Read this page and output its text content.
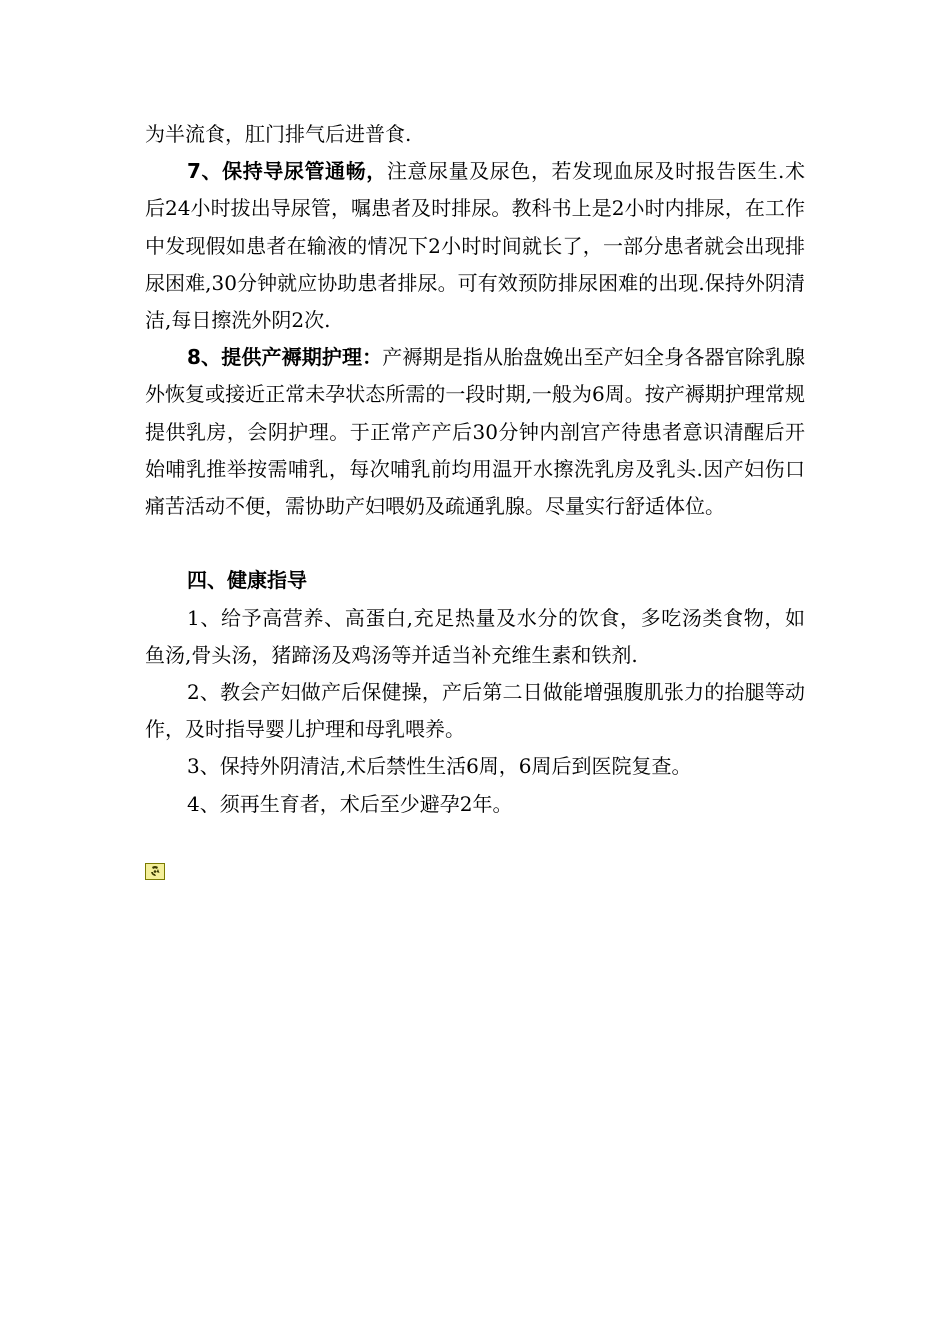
为半流食，肛门排气后进普食.

7、保持导尿管通畅，注意尿量及尿色，若发现血尿及时报告医生.术后24小时拔出导尿管，嘱患者及时排尿。教科书上是2小时内排尿，在工作中发现假如患者在输液的情况下2小时时间就长了，一部分患者就会出现排尿困难,30分钟就应协助患者排尿。可有效预防排尿困难的出现.保持外阴清洁,每日擦洗外阴2次.

8、提供产褥期护理：产褥期是指从胎盘娩出至产妇全身各器官除乳腺外恢复或接近正常未孕状态所需的一段时期,一般为6周。按产褥期护理常规提供乳房，会阴护理。于正常产产后30分钟内剖宫产待患者意识清醒后开始哺乳推举按需哺乳，每次哺乳前均用温开水擦洗乳房及乳头.因产妇伤口痛苦活动不便，需协助产妇喂奶及疏通乳腺。尽量实行舒适体位。

四、健康指导

1、给予高营养、高蛋白,充足热量及水分的饮食，多吃汤类食物，如鱼汤,骨头汤，猪蹄汤及鸡汤等并适当补充维生素和铁剂.

2、教会产妇做产后保健操，产后第二日做能增强腹肌张力的抬腿等动作，及时指导婴儿护理和母乳喂养。

3、保持外阴清洁,术后禁性生活6周，6周后到医院复查。

4、须再生育者，术后至少避孕2年。
